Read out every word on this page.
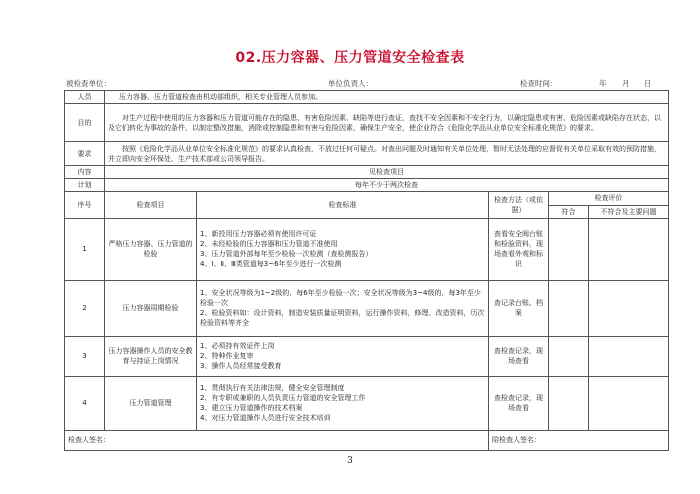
02.压力容器、压力管道安全检查表
被检查单位：	单位负责人：	检查时间：	年 月 日
人员	压力容器、压力管道检查由机动部组织，相关专业管理人员参加。				
目的	对生产过程中使用的压力容器和压力管道可能存在的隐患、有害危险因素、缺陷等进行查证，查找不安全因素和不安全行为，以确定隐患或有害、危险因素或缺陷存在状态，以及它们转化为事故的条件，以制定整改措施，消除或控制隐患和有害与危险因素，确保生产安全，使企业符合《危险化学品从业单位安全标准化规范》的要求。				
要求	按照《危险化学品从业单位安全标准化规范》的要求认真检查，不放过任何可疑点。对查出问题及时通知有关单位处理，暂时无法处理的应督促有关单位采取有效的预防措施，并立即向安全环保处、生产技术部或公司领导报告。				
内容	见检查项目				
计划	每年不少于两次检查				
序号	检查项目	检查标准	检查方法（或依据）	检查评价	
				符合	不符合及主要问题
1	严格压力容器、压力管道的检验	1、新投用压力容器必须有使用许可证
2、未经检验的压力容器和压力管道不准使用
3、压力管道外部每年至少检验一次检测（查检测报告）
4、Ⅰ、Ⅱ、Ⅲ类管道每3~6年至少进行一次检测	查看安全阀台账和检验资料，现场查看外观和标识		
2	压力容器周期检验	1、安全状况等级为1~2级的，每6年至少检验一次；安全状况等级为3~4级的，每3年至少检验一次
2、检验资料如：设计资料，制造安装质量证明资料，运行操作资料，修理、改造资料，历次检验资料等齐全	查记录台账、档案		
3	压力容器操作人员的安全教育与持证上岗情况	1、必须持有效证件上岗
2、特种作业复审
3、操作人员经常接受教育	查检查记录，现场查看		
4	压力管道管理	1、贯彻执行有关法律法规，健全安全管理制度
2、有专职或兼职的人员负责压力管道的安全管理工作
3、建立压力管道操作的技术档案
4、对压力管道操作人员进行安全技术培训	查检查记录，现场查看		
检查人签名：			陪检查人签名：		
3
